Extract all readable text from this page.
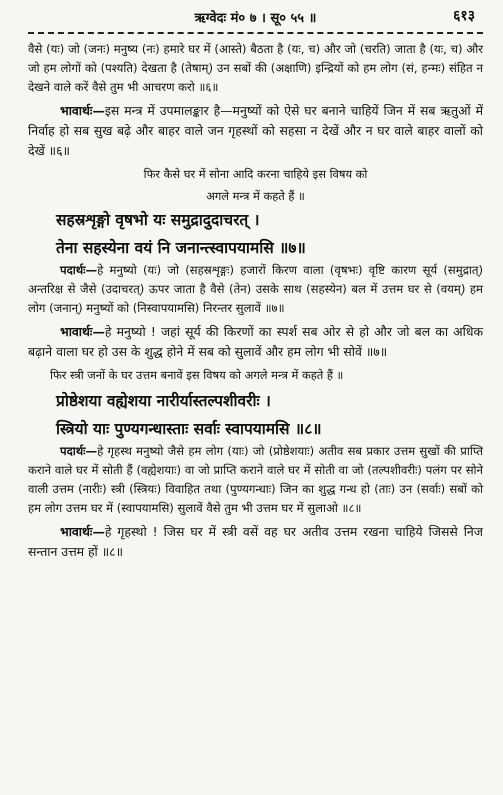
ऋग्वेदः मं० ७ । सू० ५५ ॥	६१३

वैसे (यः) जो (जनः) मनुष्य (नः) हमारे घर में (आस्ते) बैठता है (यः, च) और जो (चरति) जाता है (यः, च) और जो हम लोगों को (पश्यति) देखता है (तेषाम्) उन सबों की (अक्षाणि) इन्द्रियों को हम लोग (सं, हन्मः) संहित न देखने वाले करें वैसे तुम भी आचरण करो ॥६॥

भावार्थः—इस मन्त्र में उपमालङ्कार है—मनुष्यों को ऐसे घर बनाने चाहियें जिन में सब ऋतुओं में निर्वाह हो सब सुख बढ़े और बाहर वाले जन गृहस्थों को सहसा न देखें और न घर वाले बाहर वालों को देखें ॥६॥

फिर कैसे घर में सोना आदि करना चाहिये इस विषय को
अगले मन्त्र में कहते हैं ॥
सहस्रशृङ्गो वृषभो यः समुद्रादुदाचरत् ।
तेना सहस्येना वयं नि जनान्त्स्वापयामसि ॥७॥

पदार्थः—हे मनुष्यो (यः) जो (सहस्रशृङ्गः) हजारों किरण वाला (वृषभः) वृष्टि कारण सूर्य (समुद्रात्) अन्तरिक्ष से जैसे (उदाचरत्) ऊपर जाता है वैसे (तेन) उसके साथ (सहस्येन) बल में उत्तम घर से (वयम्) हम लोग (जनान्) मनुष्यों को (निस्वापयामसि) निरन्तर सुलावें ॥७॥

भावार्थः—हे मनुष्यो ! जहां सूर्य की किरणों का स्पर्श सब ओर से हो और जो बल का अधिक बढ़ाने वाला घर हो उस के शुद्ध होने में सब को सुलावें और हम लोग भी सोवें ॥७॥

फिर स्त्री जनों के घर उत्तम बनावें इस विषय को अगले मन्त्र में कहते हैं ॥
प्रोष्ठेशया वह्येशया नारीर्यास्तल्पशीवरीः ।
स्त्रियो याः पुण्यगन्धास्ताः सर्वाः स्वापयामसि ॥८॥

पदार्थः—हे गृहस्थ मनुष्यो जैसे हम लोग (याः) जो (प्रोष्ठेशयाः) अतीव सब प्रकार उत्तम सुखों की प्राप्ति कराने वाले घर में सोती हैं (वह्येशयाः) वा जो प्राप्ति कराने वाले घर में सोती वा जो (तल्पशीवरीः) पलंग पर सोने वाली उत्तम (नारीः) स्त्री (स्त्रियः) विवाहित तथा (पुण्यगन्धाः) जिन का शुद्ध गन्ध हो (ताः) उन (सर्वाः) सबों को हम लोग उत्तम घर में (स्वापयामसि) सुलावें वैसे तुम भी उत्तम घर में सुलाओ ॥८॥

भावार्थः—हे गृहस्थो ! जिस घर में स्त्री वसें वह घर अतीव उत्तम रखना चाहिये जिससे निज सन्तान उत्तम हों ॥८॥
